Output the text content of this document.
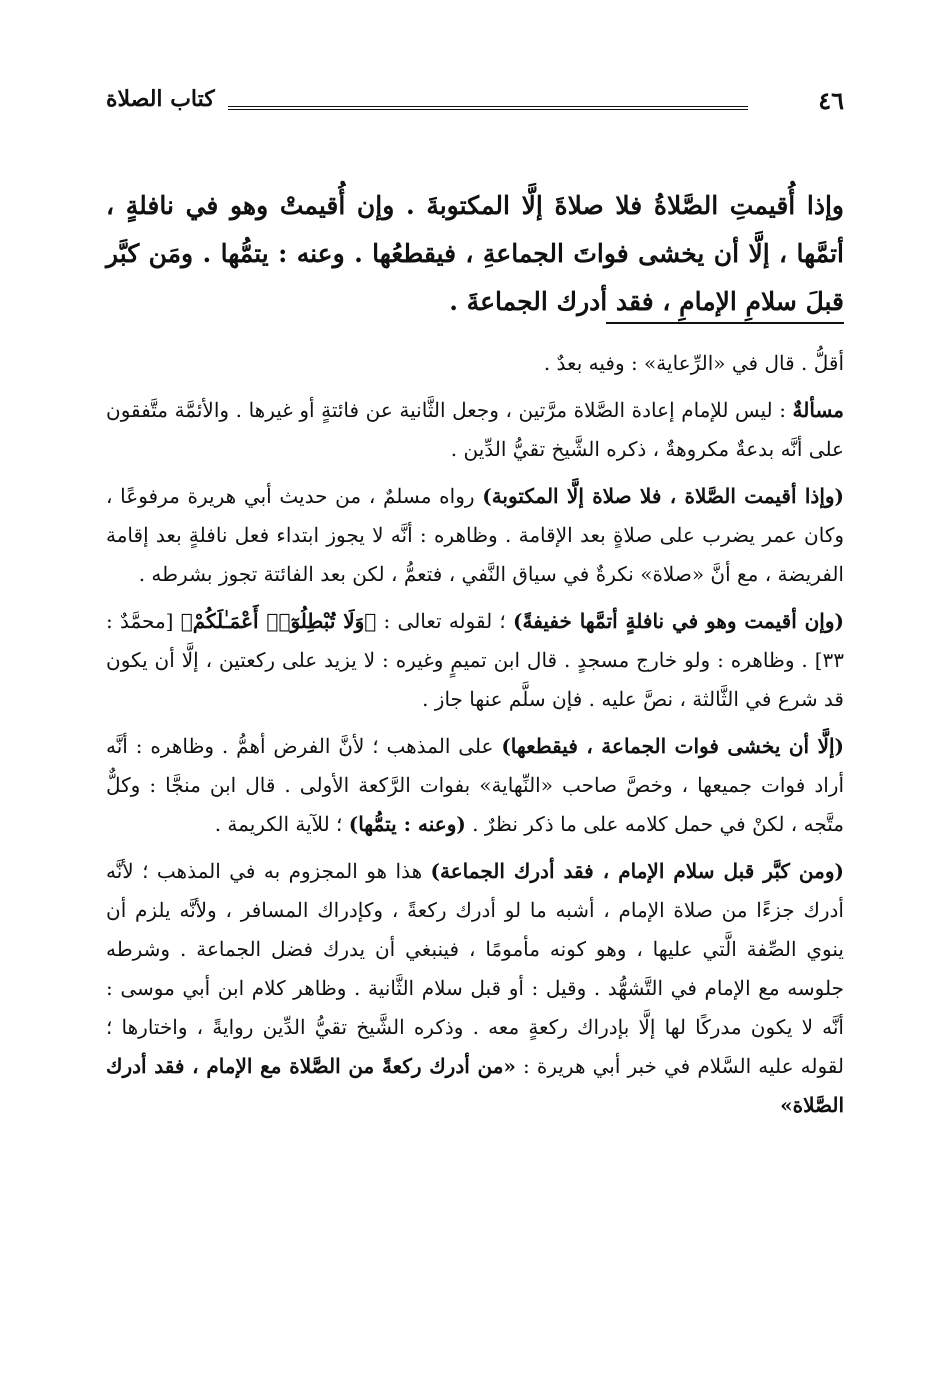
٤٦
كتاب الصلاة

وإذا أُقيمتِ الصَّلاةُ فلا صلاةَ إلَّا المكتوبةَ . وإن أُقيمتْ وهو في نافلةٍ ، أتمَّها ، إلَّا أن يخشى فواتَ الجماعةِ ، فيقطعُها . وعنه : يتمُّها . ومَن كبَّر قبلَ سلامِ الإمامِ ، فقد أدرك الجماعةَ .

أقلُّ . قال في «الرِّعاية» : وفيه بعدٌ .

مسألةٌ : ليس للإمام إعادة الصَّلاة مرَّتين ، وجعل الثَّانية عن فائتةٍ أو غيرها . والأئمَّة متَّفقون على أنَّه بدعةٌ مكروهةٌ ، ذكره الشَّيخ تقيُّ الدِّين .

(وإذا أقيمت الصَّلاة ، فلا صلاة إلَّا المكتوبة) رواه مسلمٌ ، من حديث أبي هريرة مرفوعًا ، وكان عمر يضرب على صلاةٍ بعد الإقامة . وظاهره : أنَّه لا يجوز ابتداء فعل نافلةٍ بعد إقامة الفريضة ، مع أنَّ «صلاة» نكرةٌ في سياق النَّفي ، فتعمُّ ، لكن بعد الفائتة تجوز بشرطه .

(وإن أقيمت وهو في نافلةٍ أتمَّها خفيفةً) ؛ لقوله تعالى : ﴿وَلَا تُبْطِلُوٓا۟ أَعْمَـٰلَكُمْ﴾ [محمَّدٌ : ٣٣] . وظاهره : ولو خارج مسجدٍ . قال ابن تميمٍ وغيره : لا يزيد على ركعتين ، إلَّا أن يكون قد شرع في الثَّالثة ، نصَّ عليه . فإن سلَّم عنها جاز .

(إلَّا أن يخشى فوات الجماعة ، فيقطعها) على المذهب ؛ لأنَّ الفرض أهمُّ . وظاهره : أنَّه أراد فوات جميعها ، وخصَّ صاحب «النِّهاية» بفوات الرَّكعة الأولى . قال ابن منجَّا : وكلٌّ متَّجه ، لكنْ في حمل كلامه على ما ذكر نظرٌ . (وعنه : يتمُّها) ؛ للآية الكريمة .

(ومن كبَّر قبل سلام الإمام ، فقد أدرك الجماعة) هذا هو المجزوم به في المذهب ؛ لأنَّه أدرك جزءًا من صلاة الإمام ، أشبه ما لو أدرك ركعةً ، وكإدراك المسافر ، ولأنَّه يلزم أن ينوي الصِّفة الَّتي عليها ، وهو كونه مأمومًا ، فينبغي أن يدرك فضل الجماعة . وشرطه جلوسه مع الإمام في التَّشهُّد . وقيل : أو قبل سلام الثَّانية . وظاهر كلام ابن أبي موسى : أنَّه لا يكون مدركًا لها إلَّا بإدراك ركعةٍ معه . وذكره الشَّيخ تقيُّ الدِّين روايةً ، واختارها ؛ لقوله عليه السَّلام في خبر أبي هريرة : «من أدرك ركعةً من الصَّلاة مع الإمام ، فقد أدرك الصَّلاة»
